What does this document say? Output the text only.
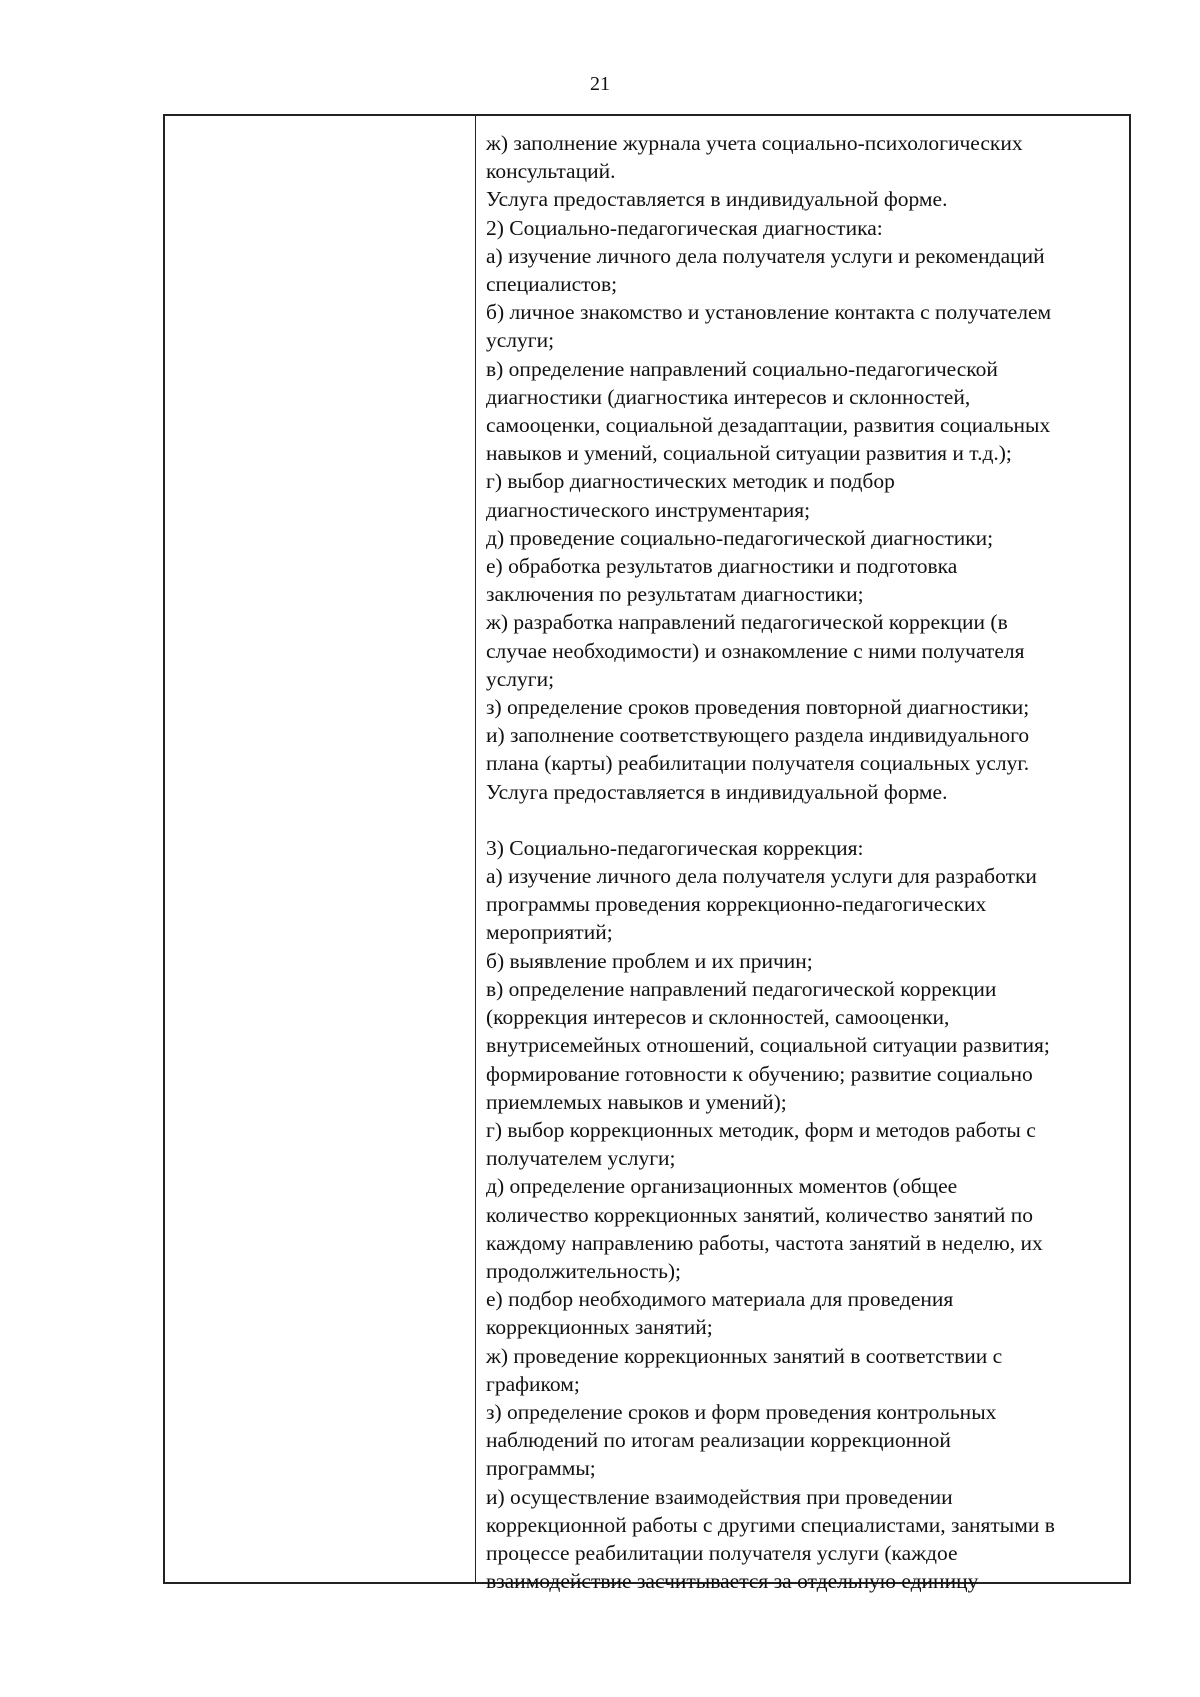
21
ж) заполнение журнала учета социально-психологических
консультаций.
Услуга предоставляется в индивидуальной форме.
2) Социально-педагогическая диагностика:
а) изучение личного дела получателя услуги и рекомендаций
специалистов;
б) личное знакомство и установление контакта с получателем
услуги;
в) определение направлений социально-педагогической
диагностики (диагностика интересов и склонностей,
самооценки, социальной дезадаптации, развития социальных
навыков и умений, социальной ситуации развития и т.д.);
г) выбор диагностических методик и подбор
диагностического инструментария;
д) проведение социально-педагогической диагностики;
е) обработка результатов диагностики и подготовка
заключения по результатам диагностики;
ж) разработка направлений педагогической коррекции (в
случае необходимости) и ознакомление с ними получателя
услуги;
з) определение сроков проведения повторной диагностики;
и) заполнение соответствующего раздела индивидуального
плана (карты) реабилитации получателя социальных услуг.
Услуга предоставляется в индивидуальной форме.
3) Социально-педагогическая коррекция:
а) изучение личного дела получателя услуги для разработки
программы проведения коррекционно-педагогических
мероприятий;
б) выявление проблем и их причин;
в) определение направлений педагогической коррекции
(коррекция интересов и склонностей, самооценки,
внутрисемейных отношений, социальной ситуации развития;
формирование готовности к обучению; развитие социально
приемлемых навыков и умений);
г) выбор коррекционных методик, форм и методов работы с
получателем услуги;
д) определение организационных моментов (общее
количество коррекционных занятий, количество занятий по
каждому направлению работы, частота занятий в неделю, их
продолжительность);
е) подбор необходимого материала для проведения
коррекционных занятий;
ж) проведение коррекционных занятий в соответствии с
графиком;
з) определение сроков и форм проведения контрольных
наблюдений по итогам реализации коррекционной
программы;
и) осуществление взаимодействия при проведении
коррекционной работы с другими специалистами, занятыми в
процессе реабилитации получателя услуги (каждое
взаимодействие засчитывается за отдельную единицу
